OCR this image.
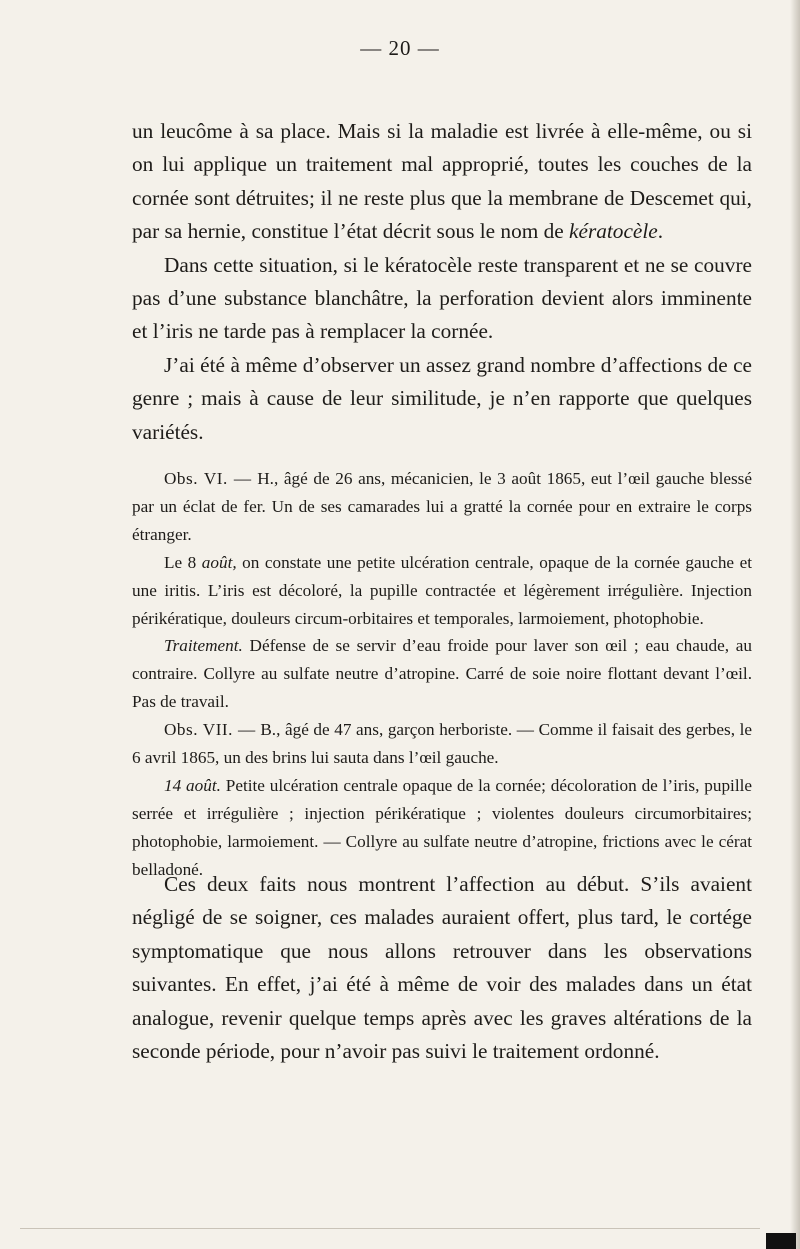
— 20 —

un leucôme à sa place. Mais si la maladie est livrée à elle-même, ou si on lui applique un traitement mal approprié, toutes les couches de la cornée sont détruites; il ne reste plus que la membrane de Descemet qui, par sa hernie, constitue l’état décrit sous le nom de kératocèle.

Dans cette situation, si le kératocèle reste transparent et ne se couvre pas d’une substance blanchâtre, la perforation devient alors imminente et l’iris ne tarde pas à remplacer la cornée.

J’ai été à même d’observer un assez grand nombre d’affections de ce genre ; mais à cause de leur similitude, je n’en rapporte que quelques variétés.

Obs. VI. — H., âgé de 26 ans, mécanicien, le 3 août 1865, eut l’œil gauche blessé par un éclat de fer. Un de ses camarades lui a gratté la cornée pour en extraire le corps étranger.

Le 8 août, on constate une petite ulcération centrale, opaque de la cornée gauche et une iritis. L’iris est décoloré, la pupille contractée et légèrement irrégulière. Injection périkératique, douleurs circum-orbitaires et temporales, larmoiement, photophobie.

Traitement. Défense de se servir d’eau froide pour laver son œil ; eau chaude, au contraire. Collyre au sulfate neutre d’atropine. Carré de soie noire flottant devant l’œil. Pas de travail.

Obs. VII. — B., âgé de 47 ans, garçon herboriste. — Comme il faisait des gerbes, le 6 avril 1865, un des brins lui sauta dans l’œil gauche.

14 août. Petite ulcération centrale opaque de la cornée; décoloration de l’iris, pupille serrée et irrégulière ; injection périkératique ; violentes douleurs circumorbitaires; photophobie, larmoiement. — Collyre au sulfate neutre d’atropine, frictions avec le cérat belladoné.

Ces deux faits nous montrent l’affection au début. S’ils avaient négligé de se soigner, ces malades auraient offert, plus tard, le cortége symptomatique que nous allons retrouver dans les observations suivantes. En effet, j’ai été à même de voir des malades dans un état analogue, revenir quelque temps après avec les graves altérations de la seconde période, pour n’avoir pas suivi le traitement ordonné.
